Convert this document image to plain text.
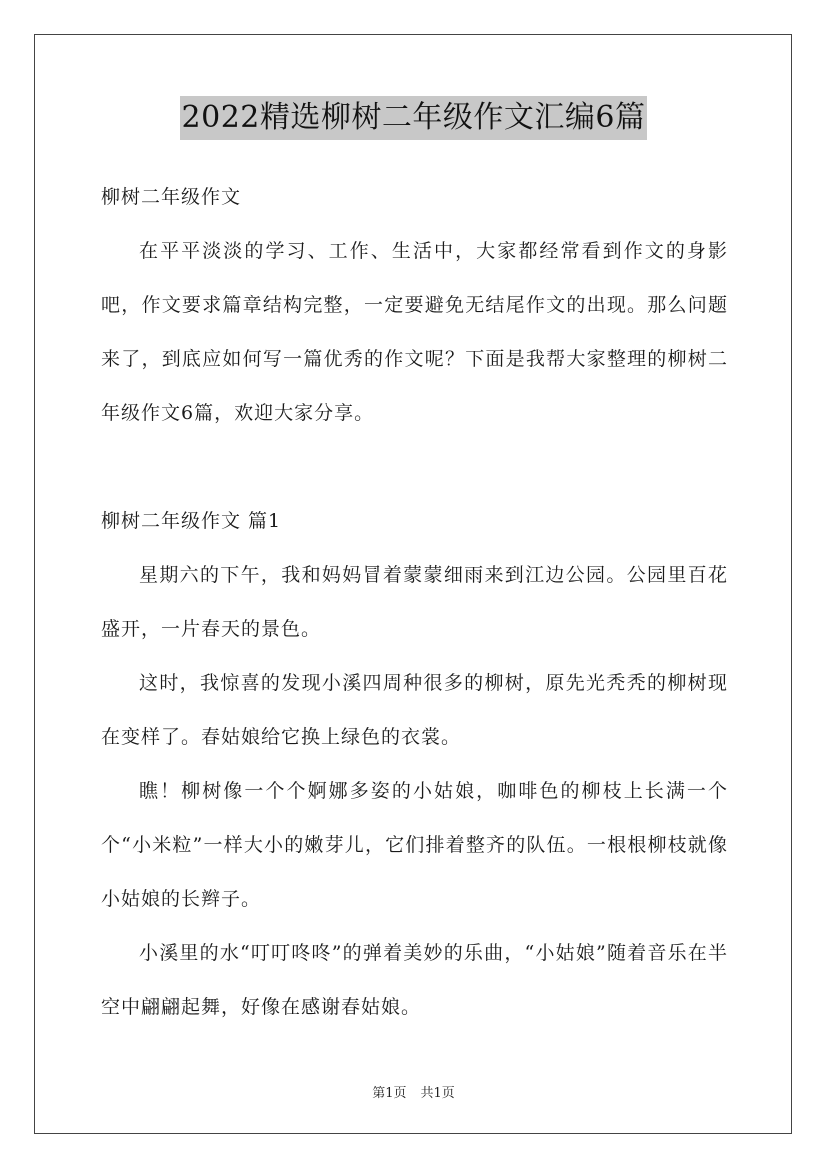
2022精选柳树二年级作文汇编6篇

柳树二年级作文

在平平淡淡的学习、工作、生活中，大家都经常看到作文的身影吧，作文要求篇章结构完整，一定要避免无结尾作文的出现。那么问题来了，到底应如何写一篇优秀的作文呢？下面是我帮大家整理的柳树二年级作文6篇，欢迎大家分享。

柳树二年级作文 篇1

星期六的下午，我和妈妈冒着蒙蒙细雨来到江边公园。公园里百花盛开，一片春天的景色。

这时，我惊喜的发现小溪四周种很多的柳树，原先光秃秃的柳树现在变样了。春姑娘给它换上绿色的衣裳。

瞧！柳树像一个个婀娜多姿的小姑娘，咖啡色的柳枝上长满一个个“小米粒”一样大小的嫩芽儿，它们排着整齐的队伍。一根根柳枝就像小姑娘的长辫子。

小溪里的水“叮叮咚咚”的弹着美妙的乐曲，“小姑娘”随着音乐在半空中翩翩起舞，好像在感谢春姑娘。

第1页 共1页
